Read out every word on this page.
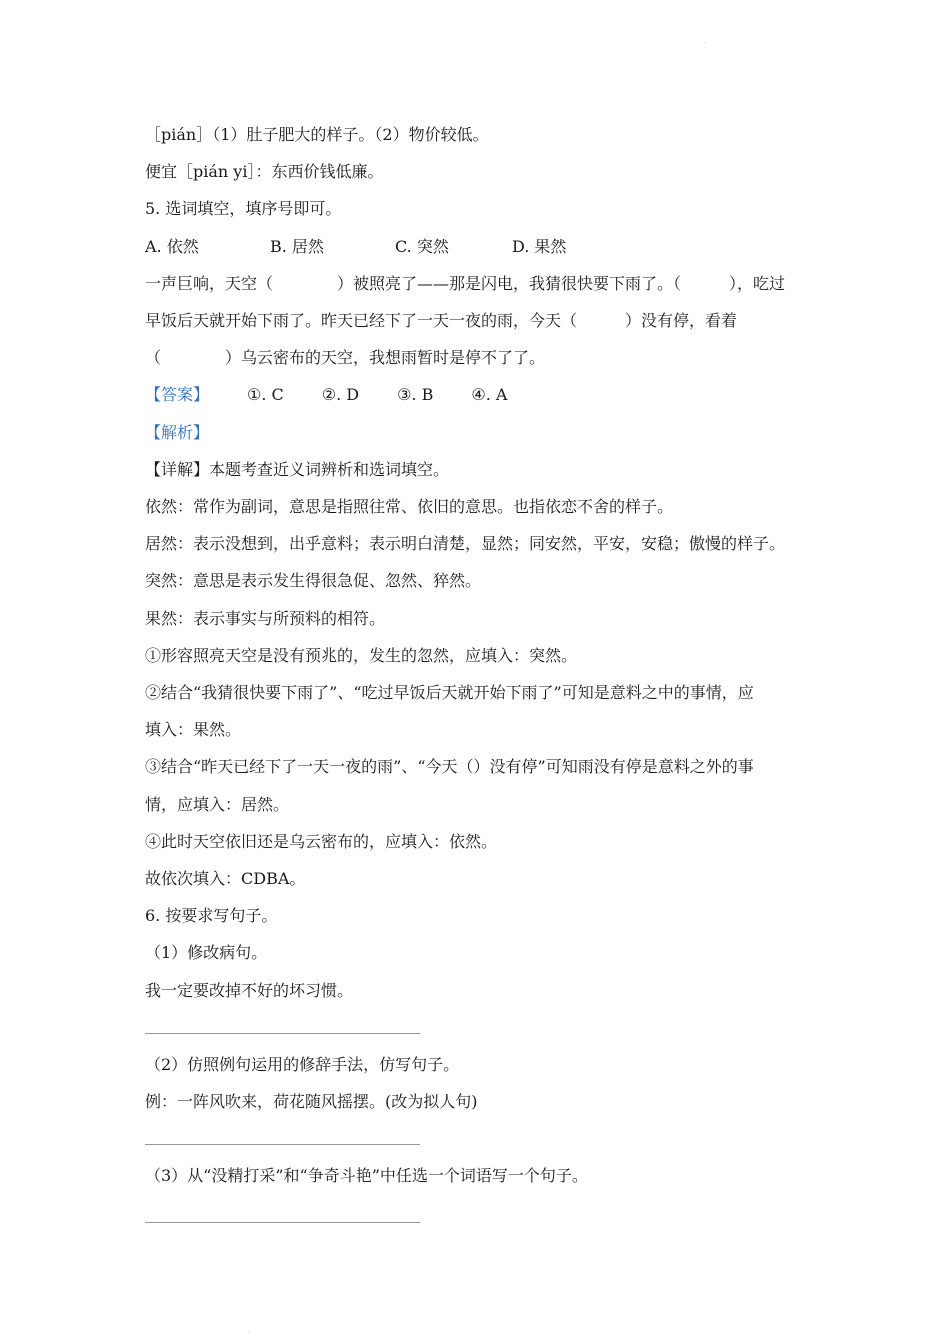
·

［pián］（1）肚子肥大的样子。（2）物价较低。

便宜［pián yi］：东西价钱低廉。

5. 选词填空，填序号即可。

A. 依然	B. 居然	C. 突然	D. 果然

一声巨响，天空（	）被照亮了——那是闪电，我猜很快要下雨了。（	），吃过

早饭后天就开始下雨了。昨天已经下了一天一夜的雨，今天（	）没有停，看着

（	）乌云密布的天空，我想雨暂时是停不了了。

【答案】 ①. C ②. D ③. B ④. A

【解析】

【详解】本题考查近义词辨析和选词填空。

依然：常作为副词，意思是指照往常、依旧的意思。也指依恋不舍的样子。

居然：表示没想到，出乎意料；表示明白清楚，显然；同安然，平安，安稳；傲慢的样子。

突然：意思是表示发生得很急促、忽然、猝然。

果然：表示事实与所预料的相符。

①形容照亮天空是没有预兆的，发生的忽然，应填入：突然。

②结合“我猜很快要下雨了”、“吃过早饭后天就开始下雨了”可知是意料之中的事情，应

填入：果然。

③结合“昨天已经下了一天一夜的雨”、“今天（）没有停”可知雨没有停是意料之外的事

情，应填入：居然。

④此时天空依旧还是乌云密布的，应填入：依然。

故依次填入：CDBA。

6. 按要求写句子。

（1）修改病句。

我一定要改掉不好的坏习惯。

（2）仿照例句运用的修辞手法，仿写句子。

例：一阵风吹来，荷花随风摇摆。(改为拟人句)

（3）从“没精打采”和“争奇斗艳”中任选一个词语写一个句子。

·
